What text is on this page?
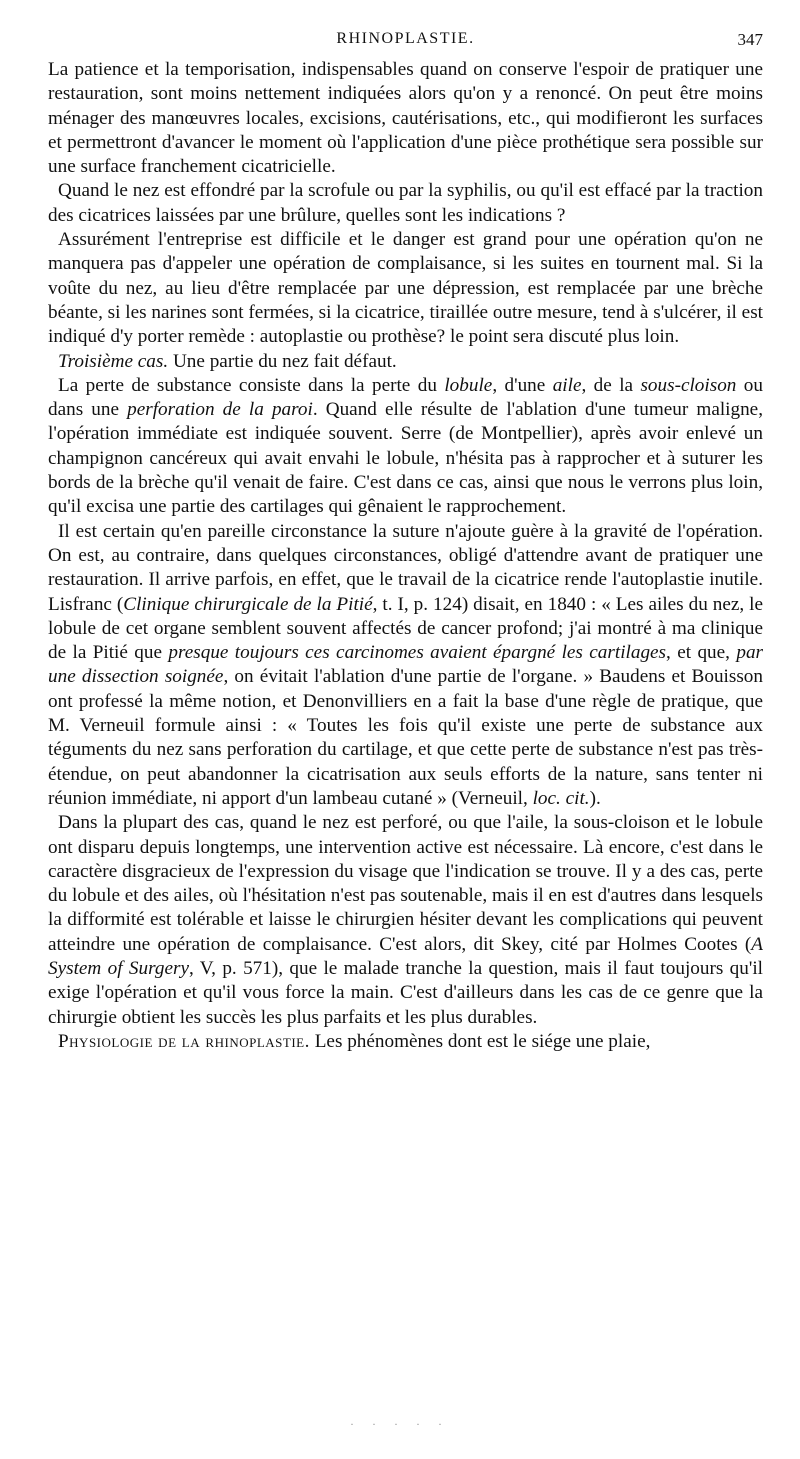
RHINOPLASTIE.	347

La patience et la temporisation, indispensables quand on conserve l'espoir de pratiquer une restauration, sont moins nettement indiquées alors qu'on y a renoncé. On peut être moins ménager des manœuvres locales, excisions, cautérisations, etc., qui modifieront les surfaces et permettront d'avancer le moment où l'application d'une pièce prothétique sera possible sur une surface franchement cicatricielle.

Quand le nez est effondré par la scrofule ou par la syphilis, ou qu'il est effacé par la traction des cicatrices laissées par une brûlure, quelles sont les indications ?

Assurément l'entreprise est difficile et le danger est grand pour une opération qu'on ne manquera pas d'appeler une opération de complaisance, si les suites en tournent mal. Si la voûte du nez, au lieu d'être remplacée par une dépression, est remplacée par une brèche béante, si les narines sont fermées, si la cicatrice, tiraillée outre mesure, tend à s'ulcérer, il est indiqué d'y porter remède : autoplastie ou prothèse? le point sera discuté plus loin.

Troisième cas. Une partie du nez fait défaut.

La perte de substance consiste dans la perte du lobule, d'une aile, de la sous-cloison ou dans une perforation de la paroi. Quand elle résulte de l'ablation d'une tumeur maligne, l'opération immédiate est indiquée souvent. Serre (de Montpellier), après avoir enlevé un champignon cancéreux qui avait envahi le lobule, n'hésita pas à rapprocher et à suturer les bords de la brèche qu'il venait de faire. C'est dans ce cas, ainsi que nous le verrons plus loin, qu'il excisa une partie des cartilages qui gênaient le rapprochement.

Il est certain qu'en pareille circonstance la suture n'ajoute guère à la gravité de l'opération. On est, au contraire, dans quelques circonstances, obligé d'attendre avant de pratiquer une restauration. Il arrive parfois, en effet, que le travail de la cicatrice rende l'autoplastie inutile. Lisfranc (Clinique chirurgicale de la Pitié, t. I, p. 124) disait, en 1840 : « Les ailes du nez, le lobule de cet organe semblent souvent affectés de cancer profond; j'ai montré à ma clinique de la Pitié que presque toujours ces carcinomes avaient épargné les cartilages, et que, par une dissection soignée, on évitait l'ablation d'une partie de l'organe. » Baudens et Bouisson ont professé la même notion, et Denonvilliers en a fait la base d'une règle de pratique, que M. Verneuil formule ainsi : « Toutes les fois qu'il existe une perte de substance aux téguments du nez sans perforation du cartilage, et que cette perte de substance n'est pas très-étendue, on peut abandonner la cicatrisation aux seuls efforts de la nature, sans tenter ni réunion immédiate, ni apport d'un lambeau cutané » (Verneuil, loc. cit.).

Dans la plupart des cas, quand le nez est perforé, ou que l'aile, la sous-cloison et le lobule ont disparu depuis longtemps, une intervention active est nécessaire. Là encore, c'est dans le caractère disgracieux de l'expression du visage que l'indication se trouve. Il y a des cas, perte du lobule et des ailes, où l'hésitation n'est pas soutenable, mais il en est d'autres dans lesquels la difformité est tolérable et laisse le chirurgien hésiter devant les complications qui peuvent atteindre une opération de complaisance. C'est alors, dit Skey, cité par Holmes Cootes (A System of Surgery, V, p. 571), que le malade tranche la question, mais il faut toujours qu'il exige l'opération et qu'il vous force la main. C'est d'ailleurs dans les cas de ce genre que la chirurgie obtient les succès les plus parfaits et les plus durables.

Physiologie de la rhinoplastie. Les phénomènes dont est le siége une plaie,

. . . . .
